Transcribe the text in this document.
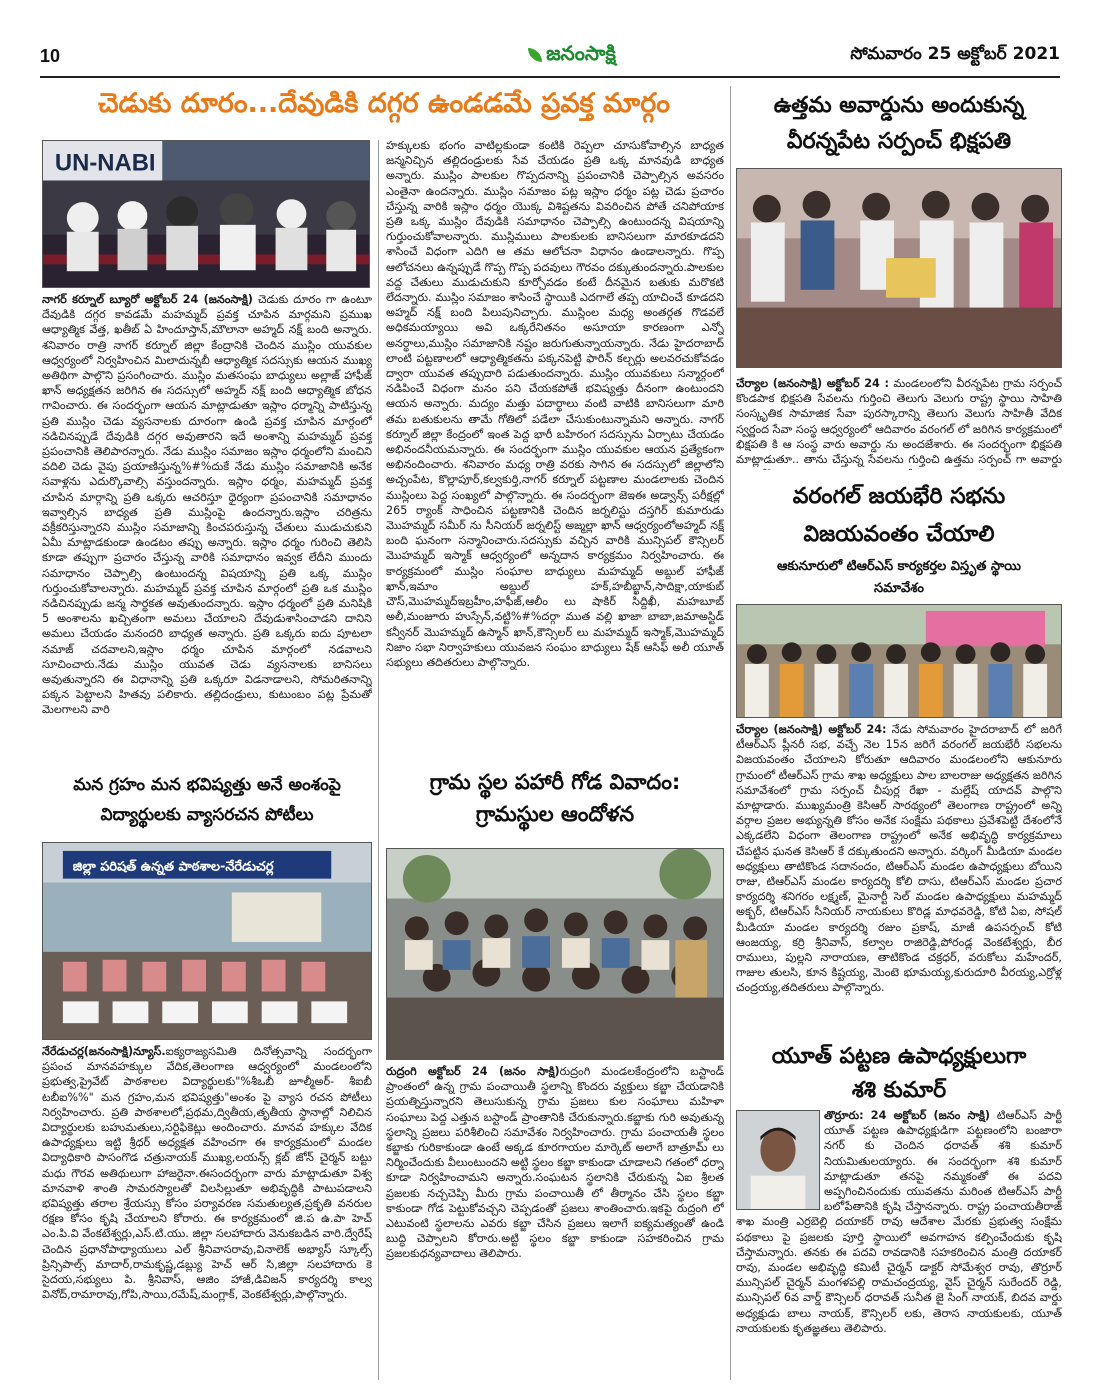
10	జనంసాక్షి	సోమవారం 25 అక్టోబర్ 2021
చెడుకు దూరం...దేవుడికి దగ్గర ఉండడమే ప్రవక్త మార్గం
UN-NABI
నాగర్ కర్నూల్ బ్యూరో అక్టోబర్ 24 (జనంసాక్షి) చెడుకు దూరం గా ఉంటూ దేవుడికి దగ్గర కావడమే మహమ్మద్ ప్రవక్త చూపిన మార్గమని ప్రముఖ ఆధ్యాత్మిక వేత్త, ఖతీబ్ ఏ హిందూస్తాన్,మౌలానా అహ్మద్ నక్ష్ బంది అన్నారు. శనివారం రాత్రి నాగర్ కర్నూల్ జిల్లా కేంద్రానికి చెందిన ముస్లిం యువకుల ఆధ్వర్యంలో నిర్వహించిన మిలాదున్నబీ ఆధ్యాత్మిక సదస్సుకు ఆయన ముఖ్య అతిథిగా పాల్గొని ప్రసంగించారు. ముస్లిం మతసంఘ బాధ్యులు అల్లాజ్ హాఫీజ్ ఖాన్ అధ్యక్షతన జరిగిన ఈ సదస్సులో అహ్మద్ నక్ష్ బంది ఆధ్యాత్మిక బోధన గావించారు. ఈ సందర్భంగా ఆయన మాట్లాడుతూ ఇస్లాం ధర్మాన్ని పాటిస్తున్న ప్రతి ముస్లిం చెడు వ్యసనాలకు దూరంగా ఉండి ప్రవక్త చూపిన మార్గంలో నడిచినప్పుడే దేవుడికి దగ్గర అవుతారని ఇదే అంశాన్ని మహమ్మద్ ప్రవక్త ప్రపంచానికి తెలిపారన్నారు. నేడు ముస్లిం సమాజం ఇస్లాం ధర్మంలోని మంచిని వదిలి చెడు వైపు ప్రయాణిస్తున్న%#%దుకే నేడు ముస్లిం సమాజానికి అనేక సవాళ్లను ఎదుర్కొవాల్సి వస్తుందన్నారు. ఇస్లాం ధర్మం, మహమ్మద్ ప్రవక్త చూపిన మార్గాన్ని ప్రతి ఒక్కరు ఆచరిస్తూ ధైర్యంగా ప్రపంచానికి సమాధానం ఇవ్వాల్సిన బాధ్యత ప్రతి ముస్లింపై ఉందన్నారు.ఇస్లాం చరిత్రను వక్రీకరిస్తున్నారని ముస్లిం సమాజాన్ని కించపరుస్తున్న చేతులు ముడుచుకుని ఏమీ మాట్లాడకుండా ఉండటం తప్పు అన్నారు. ఇస్లాం ధర్మం గురించి తెలిసి కూడా తప్పుగా ప్రచారం చేస్తున్న వారికి సమాధానం ఇవ్వక లేదీని ముందు సమాధానం చెప్పాల్సి ఉంటుందన్న విషయాన్ని ప్రతి ఒక్క ముస్లిం గుర్తుంచుకోవాలన్నారు. మహమ్మద్ ప్రవక్త చూపిన మార్గంలో ప్రతి ఒక ముస్లిం నడిచినప్పుడు జన్మ సార్థకత అవుతుందన్నారు. ఇస్లాం ధర్మంలో ప్రతి మనిషికి 5 అంశాలను ఖచ్చితంగా అమలు చేయాలని దేవుడుశాసించాడని దానిని అమలు చేయడం మనందరి బాధ్యత అన్నారు. ప్రతి ఒక్కరు ఐదు పూటలా నమాజ్ చదవాలని,ఇస్లాం ధర్మం చూపిన మార్గంలో నడవాలని సూచించారు.నేడు ముస్లిం యువత చెడు వ్యసనాలకు బానిసలు అవుతున్నారని ఈ విధానాన్ని ప్రతి ఒక్కరూ విడనాడాలని, సోమరితనాన్ని పక్కన పెట్టాలని హితవు పలికారు. తల్లిదండ్రులు, కుటుంబం పట్ల ప్రేమతో మెలగాలని వారి
హక్కులకు భంగం వాటిల్లకుండా కంటికి రెప్పలా చూసుకోవాల్సిన బాధ్యత జన్మనిచ్చిన తల్లిదండ్రులకు సేవ చేయడం ప్రతి ఒక్క మానవుడి బాధ్యత అన్నారు. ముస్లిం పాలకుల గొప్పదనాన్ని ప్రపంచానికి చెప్పాల్సిన అవసరం ఎంతైనా ఉందన్నారు. ముస్లిం సమాజం పట్ల ఇస్లాం ధర్మం పట్ల చెడు ప్రచారం చేస్తున్న వారికి ఇస్లాం ధర్మం యొక్క విశిష్టతను వివరించిన పోతే చనిపోయాక ప్రతి ఒక్క ముస్లిం దేవుడికి సమాధానం చెప్పాల్సి ఉంటుందన్న విషయాన్ని గుర్తుంచుకోవాలన్నారు. ముస్లిములు పాలకులకు బానిసలుగా మారకూడదని శాసించే విధంగా ఎదిగి ఆ తమ ఆలోచనా విధానం ఉండాలన్నారు. గొప్ప ఆలోచనలు ఉన్నప్పుడే గొప్ప గొప్ప పదవులు గౌరవం దక్కుతుందన్నారు.పాలకుల వద్ద చేతులు ముడుచుకుని కూర్చోవడం కంటే దీనమైన బతుకు మరొకటి లేదన్నారు. ముస్లిం సమాజం శాసించే స్థాయికి ఎదగాలే తప్ప యాచించే కూడదని అహ్మద్ నక్ష్ బంది పిలుపునిచ్చారు. ముస్లింల మధ్య అంతర్గత గొడవలే అధికమయ్యాయి అవి ఒక్కరేనితనం అసూయా కారణంగా ఎన్నో అనర్థాలు,ముస్లిం సమాజానికి నష్టం జరుగుతున్నాయన్నారు. నేడు హైదరాబాద్ లాంటి పట్టణాలలో ఆధ్యాత్మికతను పక్కనపెట్టి ఫారిన్ కల్చర్లు అలవరచుకోవడం ద్వారా యువత తప్పుదారి పడుతుందన్నారు. ముస్లిం యువకులు సన్మార్గంలో నడిపించే విధంగా మనం పని చేయకపోతే భవిష్యత్తు దీనంగా ఉంటుందని ఆయన అన్నారు. మద్యం మత్తు పదార్థాలు వంటి వాటికి బానిసలుగా మారి తమ బతుకులను తామే గోతిలో పడేలా చేసుకుంటున్నామని అన్నారు. నాగర్ కర్నూల్ జిల్లా కేంద్రంలో ఇంత పెద్ద భారీ బహిరంగ సదస్సును ఏర్పాటు చేయడం అభినందనీయమన్నారు. ఈ సందర్భంగా ముస్లిం యువకుల ఆయన ప్రత్యేకంగా అభినందించారు. శనివారం మధ్య రాత్రి వరకు సాగిన ఈ సదస్సులో జిల్లాలోని అచ్చంపేట, కొల్లాపూర్,కల్వకుర్తి,నాగర్ కర్నూల్ పట్టణాల మండలాలకు చెందిన ముస్లింలు పెద్ద సంఖ్యలో పాల్గొన్నారు. ఈ సందర్భంగా జెఇఈ అడ్వాన్స్ పరీక్షల్లో 265 ర్యాంక్ సాధించిన పట్టణానికి చెందిన జర్నలిస్టు దస్తగిర్ కుమారుడు మొహమ్మద్ సమీర్ ను సీనియర్ జర్నలిస్ట్ అజ్మల్లా ఖాన్ ఆధ్వర్యంలోఅహ్మద్ నక్ష్ బంది ఘనంగా సన్మానించారు.సదస్సుకు వచ్చిన వారికి మున్సిపల్ కౌన్సిలర్ మొహమ్మద్ ఇస్మాక్ ఆధ్వర్యంలో అన్నదాన కార్యక్రమం నిర్వహించారు. ఈ కార్యక్రమంలో ముస్లిం సంఘాల బాధ్యులు మహమ్మద్ అబ్దుల్ హాఫీజ్ ఖాన్,ఇమాం అబ్దుల్ హక్,హబీబ్ఖాన్,సాదిక్షా,యాకుబ్ చౌస్,మొహమ్మద్ఇబ్రహీం,హఫీజ్,ఆలీం లు షాకిర్ సిద్దిఖీ, మహబూబ్ అలీ,మంజూరు హుస్సేన్,వట్టి%#%దర్గా ముత వల్లి ఖాజా బాబా,జమాఅస్టిడ్ కన్వీనర్ మొహమ్మద్ ఉస్మాన్ ఖాన్,కౌన్సిలర్ లు మహమ్మద్ ఇస్మాక్,మొహమ్మద్ నిజాం సభా నిర్వాహకులు యువజన సంఘం బాధ్యులు షేక్ ఆసిఫ్ అలీ యూత్ సభ్యులు తదితరులు పాల్గొన్నారు.
మన గ్రహం మన భవిష్యత్తు అనే అంశంపై
విద్యార్థులకు వ్యాసరచన పోటీలు
జిల్లా పరిషత్ ఉన్నత పాఠశాల-నేరేడుచర్ల
నేరేడుచర్ల(జనంసాక్షి)న్యూస్.ఐక్యరాజ్యసమితి దినోత్సవాన్ని సందర్భంగా ప్రపంచ మానవహక్కుల వేదిక,తెలంగాణ ఆధ్వర్యంలో మండలంలోని ప్రభుత్వ,ప్రైవేట్ పాఠశాలల విద్యార్థులకు"%శీఒబీ జూల్మీఅర్- శీఐబీ టబీఐ%%" మన గ్రహం,మన భవిష్యత్తు"అంశం పై వ్యాస రచన పోటీలు నిర్వహించారు. ప్రతి పాఠశాలలో,ప్రథమ,ద్వితీయ,తృతీయ స్థానాల్లో నిలిచిన విద్యార్థులకు బహుమతులు,సర్టిఫికెట్లు అందించారు. మానవ హక్కుల వేదిక ఉపాధ్యక్షులు ఇట్టి శ్రీధర్ అధ్యక్షత వహించగా ఈ కార్యక్రమంలో మండల విద్యాధికారి పాసంగొడ చత్రునాయక్ ముఖ్య,లయన్స్ క్లబ్ జోన్ చైర్మన్ బట్టు మధు గౌరవ అతిథులుగా హాజరైనా.ఈసందర్భంగా వారు మాట్లాడుతూ విశ్వ మానవాళి శాంతి సామరస్యాలతో విలసిల్లుతూ అభివృద్ధికి పాటుపడాలని భవిష్యత్తు తరాల శ్రేయస్సు కోసం పర్యావరణ సమతుల్యత,ప్రకృతి వనరుల రక్షణ కోసం కృషి చేయాలని కోరారు. ఈ కార్యక్రమంలో జి.ప ఉ.పా హెచ్ ఎం.పి.వి వేంకటేశ్వర్లు,ఎస్.టి.యు. జిల్లా సలహాదారు వెనుకబడిన వారి.ద్వేరేష్ చెందిన ప్రధానోపాధ్యాయులు ఎల్ శ్రీనివాసరావు,వినాలెక్ అభ్యాస్ స్కూల్స్ ప్రిన్సిపాల్స్ మాదార్,రామకృష్ణ,డబ్ల్యు హెచ్ ఆర్ సి,జిల్లా సలహాదారు కె సైదయ,సభ్యులు పి. శ్రీనివాస్, ఆజిం హాజీ,డివిజన్ కార్యదర్శి కాల్వ వినోద్,రామారావు,గోపి,సాయి,రమేష్,మంగ్లాక్, వెంకటేశ్వర్లు,పాల్గొన్నారు.
గ్రామ స్థల పహారీ గోడ వివాదం:
గ్రామస్థుల ఆందోళన
రుద్రంగి అక్టోబర్ 24 (జనం సాక్షి)రుద్రంగి మండలకేంద్రంలోని బస్టాండ్ ప్రాంతంలో ఉన్న గ్రామ పంచాయితీ స్థలాన్ని కొందరు వ్యక్తులు కబ్జా చేయడానికి ప్రయత్నిస్తున్నారని తెలుసుకున్న గ్రామ ప్రజలు కుల సంఘాలు మహిళా సంఘాలు పెద్ద ఎత్తున బస్టాండ్ ప్రాంతానికి చేరుకున్నారు.కబ్జాకు గురి అవుతున్న స్థలాన్ని ప్రజలు పరిశీలించి సమావేశం నిర్వహించారు. గ్రామ పంచాయతీ స్థలం కబ్జాకు గురికాకుండా ఉంటే అక్కడ కూరగాయల మార్కెట్ అలాగే బాత్రూమ్ లు నిర్మించేందుకు వీలుంటుందని అట్టి స్థలం కబ్జా కాకుండా చూడాలని గతంలో ధర్నా కూడా నిర్వహించామని అన్నారు.సంఘటన స్థలానికి చేరుకున్న ఏఐ శ్రీలత ప్రజలకు నచ్చచెప్పి మీరు గ్రామ పంచాయితీ లో తీర్మానం చేసి స్థలం కబ్జా కాకుండా గోడ పెట్టుకోవచ్చని చెప్పడంతో ప్రజలు శాంతించారు.ఇకపై రుద్రంగి లో ఎటువంటి స్థలాలను ఎవరు కబ్జా చేసిన ప్రజలు ఇలాగే ఐక్యమత్యంతో ఉండి బుద్ధి చెప్పాలని కోరారు.అట్టి స్థలం కబ్జా కాకుండా సహకరించిన గ్రామ ప్రజలకుధన్యవాదాలు తెలిపారు.
ఉత్తమ అవార్డును అందుకున్న
వీరన్నపేట సర్పంచ్ భిక్షపతి
చేర్యాల (జనంసాక్షి) అక్టోబర్ 24 : మండలంలోని వీరన్నపేట గ్రామ సర్పంచ్ కొండపాక భిక్షపతి సేవలను గుర్తించి తెలుగు వెలుగు రాష్ట్ర స్థాయి సాహితి సంస్కృతిక సామాజిక సేవా పురస్కారాన్ని తెలుగు వెలుగు సాహితీ వేదిక స్వర్ణంద సేవా సంస్థ ఆధ్వర్యంలో ఆదివారం వరంగల్ లో జరిగిన కార్యక్రమంలో భిక్షపతి కి ఆ సంస్థ వారు అవార్డు ను అందజేశారు. ఈ సందర్భంగా భిక్షపతి మాట్లాడుతూ.. తాను చేస్తున్న సేవలను గుర్తించి ఉత్తమ సర్పంచ్ గా అవార్డు
వరంగల్ జయభేరి సభను
విజయవంతం చేయాలి
ఆకునూరులో టిఆర్ఎస్ కార్యకర్తల విస్తృత స్థాయి
సమావేశం
చేర్యాల (జనంసాక్షి) అక్టోబర్ 24: నేడు సోమవారం హైదరాబాద్ లో జరిగే టీఆర్ఎస్ ప్లీనరీ సభ, వచ్చే నెల 15న జరిగే వరంగల్ జయభేరీ సభలను విజయవంతం చేయాలని కోరుతూ ఆదివారం మండలంలోని ఆకునూరు గ్రామంలో టీఆర్ఎస్ గ్రామ శాఖ అధ్యక్షులు పాల బాలరాజు అధ్యక్షతన జరిగిన సమావేశంలో గ్రామ సర్పంచ్ చీపుర్ల రేఖా - మల్లేష్ యాదవ్ పాల్గొని మాట్లాడారు. ముఖ్యమంత్రి కెసిఆర్ సారథ్యంలో తెలంగాణ రాష్ట్రంలో అన్ని వర్గాల ప్రజల అభ్యున్నతి కోసం అనేక సంక్షేమ పథకాలు ప్రవేశపెట్టి దేశంలోనే ఎక్కడలేని విధంగా తెలంగాణ రాష్ట్రంలో అనేక అభివృద్ధి కార్యక్రమాలు చేపట్టిన ఘనత కెసిఆర్ కే దక్కుతుందని అన్నారు. వర్కింగ్ మీడియా మండల అధ్యక్షులు తాటికొండ సదానందం, టిఆర్ఎస్ మండల ఉపాధ్యక్షులు బోయిని రాజు, టిఆర్ఎస్ మండల కార్యదర్శి కోలి దాసు, టిఆర్ఎస్ మండల ప్రచార కార్యదర్శి శనిగరం లక్ష్మణ్, మైనార్టీ సెల్ మండల ఉపాధ్యక్షులు మహమ్మద్ అక్బర్, టిఆర్ఎస్ సీనియర్ నాయకులు కొరిడ్ల మాధవరెడ్డి, కోటి ఏఐ, సోషల్ మీడియా మండల కార్యదర్శి రజుం ప్రకాష్, మాజీ ఉపసర్పంచ్ కోటి ఆంజయ్య, కర్రి శ్రీనివాస్, కల్వాల రాజిరెడ్డి,పోరండ్ల వెంకటేశ్వర్లు, బీర రాములు, పుల్లని నారాయణ, తాటికొండ చక్రధర్, వరుకోలు మహేందర్, గాజుల తులసి, కూన కిష్టయ్య, మెంటె భూమయ్య,కురుదూరి వీరయ్య,ఎర్రోళ్ల చంద్రయ్య,తదితరులు పాల్గొన్నారు.
యూత్ పట్టణ ఉపాధ్యక్షులుగా
శశి కుమార్
తొర్రూరు: 24 అక్టోబర్ (జనం సాక్షి) టిఆర్ఎస్ పార్టీ యూత్ పట్టణ ఉపాధ్యక్షుడిగా పట్టణంలోని బంజారా నగర్ కు చెందిన ధరావత్ శశి కుమార్ నియమితులయ్యారు. ఈ సందర్భంగా శశి కుమార్ మాట్లాడుతూ తనపై నమ్మకంతో ఈ పదవి అప్పగించినందుకు యువతను మరింత టిఆర్ఎస్ పార్టీ బలోపేతానికి కృషి చేస్తానన్నారు. రాష్ట్ర పంచాయతీరాజ్ శాఖ మంత్రి ఎర్రబెల్లి దయాకర్ రావు ఆదేశాల మేరకు ప్రభుత్వ సంక్షేమ పథకాలు పై ప్రజలకు పూర్తి స్థాయిలో అవగాహన కల్పించేందుకు కృషి చేస్తామన్నారు. తనకు ఈ పదవి రావడానికి సహకరించిన మంత్రి దయాకర్ రావు, మండల అభివృద్ధి కమిటీ చైర్మన్ డాక్టర్ సోమేశ్వర రావు, తొర్రూర్ మున్సిపల్ చైర్మన్ మంగళపల్లి రామచంద్రయ్య, వైస్ చైర్మన్ సురేందర్ రెడ్డి, మున్సిపల్ 6వ వార్డ్ కౌన్సిలర్ ధరావత్ సునీత జై సింగ్ నాయక్, బిదవ వార్డు అధ్యక్షుడు బాలు నాయక్, కౌన్సిలర్ లకు, తెరాస నాయకులకు, యూత్ నాయకులకు కృతజ్ఞతలు తెలిపారు.
